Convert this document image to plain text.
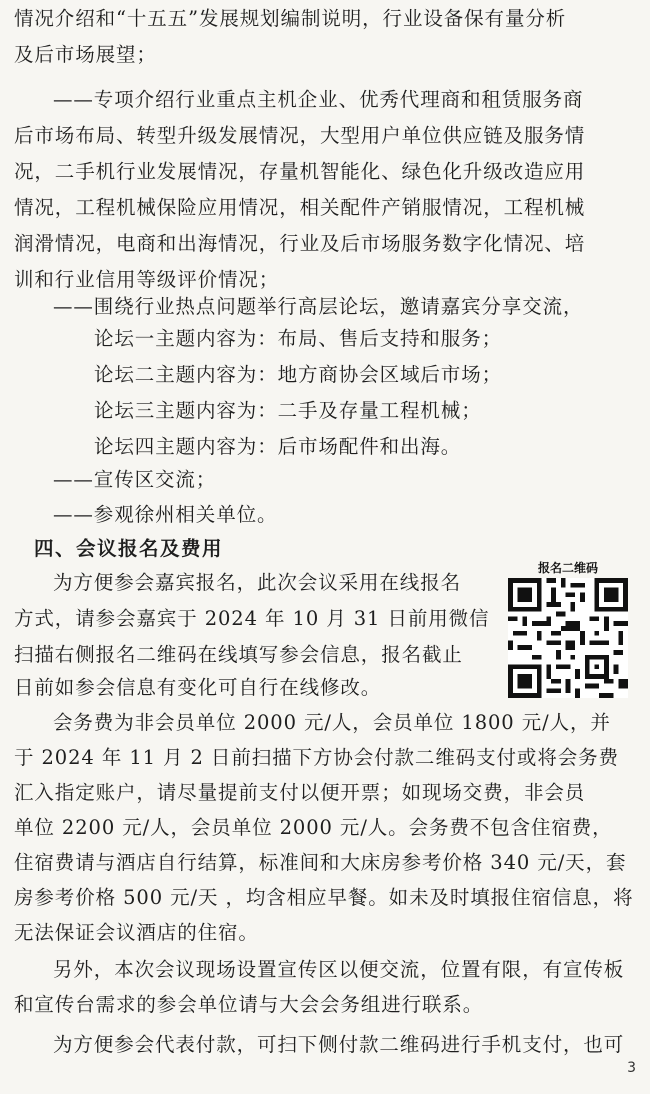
情况介绍和“十五五”发展规划编制说明，行业设备保有量分析
及后市场展望；
——专项介绍行业重点主机企业、优秀代理商和租赁服务商
后市场布局、转型升级发展情况，大型用户单位供应链及服务情
况，二手机行业发展情况，存量机智能化、绿色化升级改造应用
情况，工程机械保险应用情况，相关配件产销服情况，工程机械
润滑情况，电商和出海情况，行业及后市场服务数字化情况、培
训和行业信用等级评价情况；
——围绕行业热点问题举行高层论坛，邀请嘉宾分享交流，
论坛一主题内容为：布局、售后支持和服务；
论坛二主题内容为：地方商协会区域后市场；
论坛三主题内容为：二手及存量工程机械；
论坛四主题内容为：后市场配件和出海。
——宣传区交流；
——参观徐州相关单位。
四、会议报名及费用
为方便参会嘉宾报名，此次会议采用在线报名
方式，请参会嘉宾于 2024 年 10 月 31 日前用微信
扫描右侧报名二维码在线填写参会信息，报名截止
日前如参会信息有变化可自行在线修改。
报名二维码
会务费为非会员单位 2000 元/人，会员单位 1800 元/人，并
于 2024 年 11 月 2 日前扫描下方协会付款二维码支付或将会务费
汇入指定账户，请尽量提前支付以便开票；如现场交费，非会员
单位 2200 元/人，会员单位 2000 元/人。会务费不包含住宿费，
住宿费请与酒店自行结算，标准间和大床房参考价格 340 元/天，套
房参考价格 500 元/天 ，均含相应早餐。如未及时填报住宿信息，将
无法保证会议酒店的住宿。
另外，本次会议现场设置宣传区以便交流，位置有限，有宣传板
和宣传台需求的参会单位请与大会会务组进行联系。
为方便参会代表付款，可扫下侧付款二维码进行手机支付，也可
3
